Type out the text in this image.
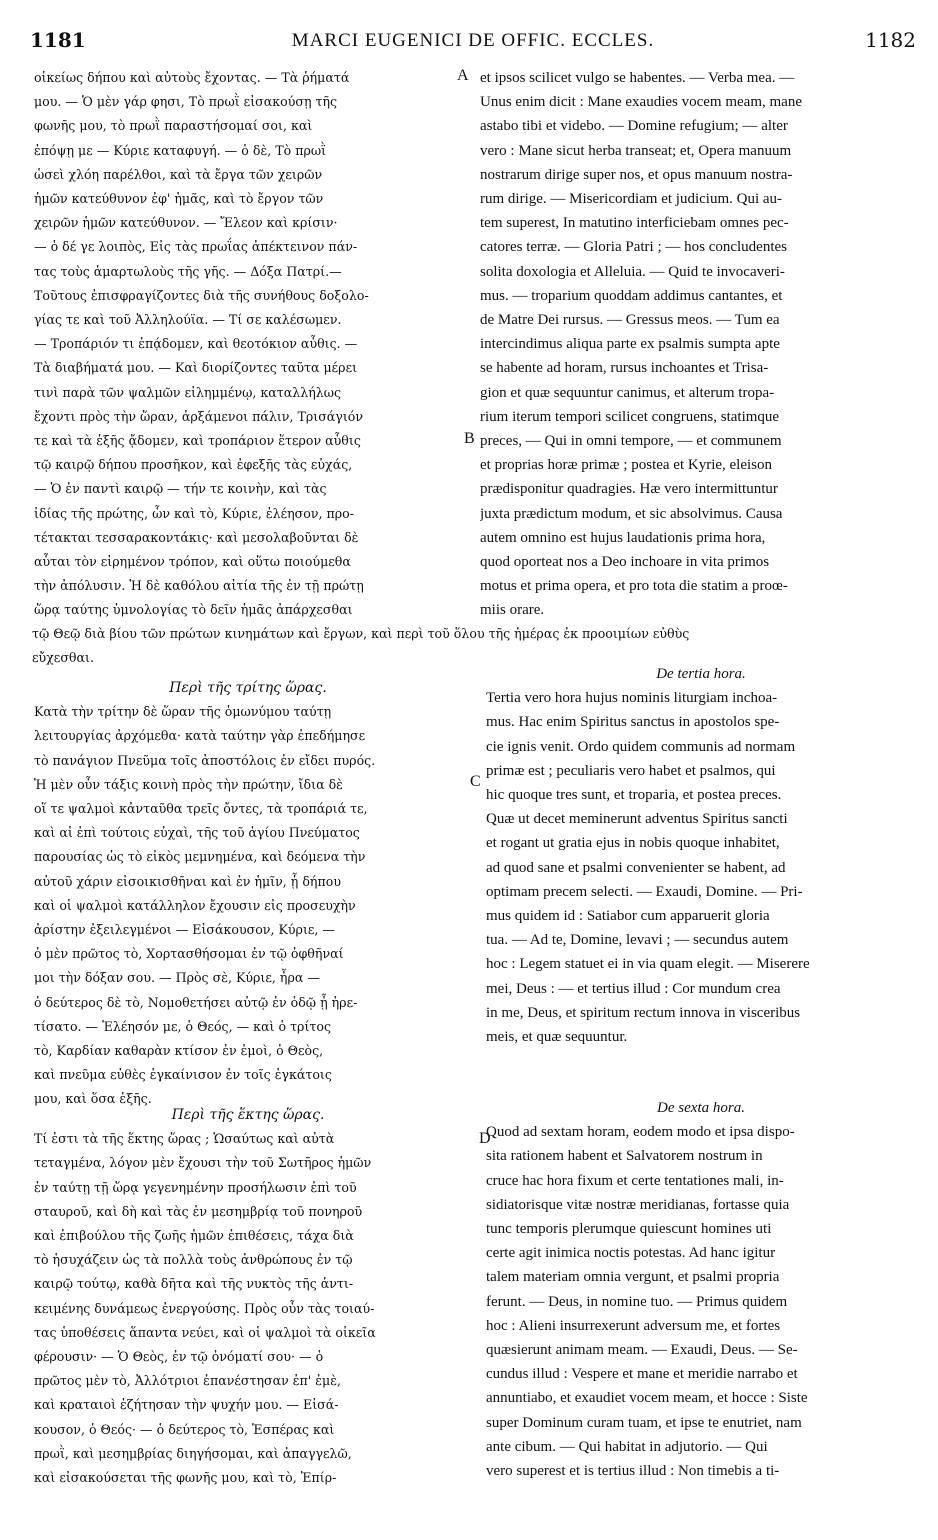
1181	MARCI EUGENICI DE OFFIC. ECCLES.	1182
A
B
C
D
οἰκείως δήπου καὶ αὐτοὺς ἔχοντας. — Τὰ ῥήματά
μου. — Ὁ μὲν γάρ φησι, Τὸ πρωῒ εἰσακούσῃ τῆς
φωνῆς μου, τὸ πρωῒ παραστήσομαί σοι, καὶ
ἐπόψῃ με — Κύριε καταφυγή. — ὁ δὲ, Τὸ πρωῒ
ὡσεὶ χλόη παρέλθοι, καὶ τὰ ἔργα τῶν χειρῶν
ἡμῶν κατεύθυνον ἐφ' ἡμᾶς, καὶ τὸ ἔργον τῶν
χειρῶν ἡμῶν κατεύθυνον. — Ἔλεον καὶ κρίσιν·
— ὁ δέ γε λοιπὸς, Εἰς τὰς πρωΐας ἀπέκτεινον πάν-
τας τοὺς ἁμαρτωλοὺς τῆς γῆς. — Δόξα Πατρί.—
Τοῦτους ἐπισφραγίζοντες διὰ τῆς συνήθους δοξολο-
γίας τε καὶ τοῦ Ἀλληλούϊα. — Τί σε καλέσωμεν.
— Τροπάριόν τι ἐπᾴδομεν, καὶ θεοτόκιον αὖθις. —
Τὰ διαβήματά μου. — Καὶ διορίζοντες ταῦτα μέρει
τινὶ παρὰ τῶν ψαλμῶν εἰλημμένῳ, καταλλήλως
ἔχοντι πρὸς τὴν ὥραν, ἀρξάμενοι πάλιν, Τρισάγιόν
τε καὶ τὰ ἑξῆς ᾄδομεν, καὶ τροπάριον ἕτερον αὖθις
τῷ καιρῷ δήπου προσῆκον, καὶ ἐφεξῆς τὰς εὐχάς,
— Ὁ ἐν παντὶ καιρῷ — τήν τε κοινὴν, καὶ τὰς
ἰδίας τῆς πρώτης, ὧν καὶ τὸ, Κύριε, ἐλέησον, προ-
τέτακται τεσσαρακοντάκις· καὶ μεσολαβοῦνται δὲ
αὗται τὸν εἰρημένον τρόπον, καὶ οὕτω ποιούμεθα
τὴν ἀπόλυσιν. Ἡ δὲ καθόλου αἰτία τῆς ἐν τῇ πρώτῃ
ὥρᾳ ταύτης ὑμνολογίας τὸ δεῖν ἡμᾶς ἀπάρχεσθαι
et ipsos scilicet vulgo se habentes. — Verba mea. —
Unus enim dicit : Mane exaudies vocem meam, mane
astabo tibi et videbo. — Domine refugium; — alter
vero : Mane sicut herba transeat; et, Opera manuum
nostrarum dirige super nos, et opus manuum nostra-
rum dirige. — Misericordiam et judicium. Qui au-
tem superest, In matutino interficiebam omnes pec-
catores terræ. — Gloria Patri ; — hos concludentes
solita doxologia et Alleluia. — Quid te invocaveri-
mus. — troparium quoddam addimus cantantes, et
de Matre Dei rursus. — Gressus meos. — Tum ea
intercindimus aliqua parte ex psalmis sumpta apte
se habente ad horam, rursus inchoantes et Trisa-
gion et quæ sequuntur canimus, et alterum tropa-
rium iterum tempori scilicet congruens, statimque
preces, — Qui in omni tempore, — et communem
et proprias horæ primæ ; postea et Kyrie, eleison
prædisponitur quadragies. Hæ vero intermittuntur
juxta prædictum modum, et sic absolvimus. Causa
autem omnino est hujus laudationis prima hora,
quod oporteat nos a Deo inchoare in vita primos
motus et prima opera, et pro tota die statim a proœ-
miis orare.
τῷ Θεῷ διὰ βίου τῶν πρώτων κινημάτων καὶ ἔργων, καὶ περὶ τοῦ ὅλου τῆς ἡμέρας ἐκ προοιμίων εὐθὺς
εὔχεσθαι.
Περὶ τῆς τρίτης ὥρας.
Κατὰ τὴν τρίτην δὲ ὥραν τῆς ὁμωνύμου ταύτῃ
λειτουργίας ἀρχόμεθα· κατὰ ταύτην γὰρ ἐπεδήμησε
τὸ πανάγιον Πνεῦμα τοῖς ἀποστόλοις ἐν εἴδει πυρός.
Ἡ μὲν οὖν τάξις κοινὴ πρὸς τὴν πρώτην, ἴδια δὲ
οἵ τε ψαλμοὶ κἀνταῦθα τρεῖς ὄντες, τὰ τροπάριά τε,
καὶ αἱ ἐπὶ τούτοις εὐχαὶ, τῆς τοῦ ἁγίου Πνεύματος
παρουσίας ὡς τὸ εἰκὸς μεμνημένα, καὶ δεόμενα τὴν
αὐτοῦ χάριν εἰσοικισθῆναι καὶ ἐν ἡμῖν, ᾗ δήπου
καὶ οἱ ψαλμοὶ κατάλληλον ἔχουσιν εἰς προσευχὴν
ἀρίστην ἐξειλεγμένοι — Εἰσάκουσον, Κύριε, —
ὁ μὲν πρῶτος τὸ, Χορτασθήσομαι ἐν τῷ ὀφθῆναί
μοι τὴν δόξαν σου. — Πρὸς σὲ, Κύριε, ἦρα —
ὁ δεύτερος δὲ τὸ, Νομοθετήσει αὐτῷ ἐν ὁδῷ ᾗ ἡρε-
τίσατο. — Ἐλέησόν με, ὁ Θεός, — καὶ ὁ τρίτος
τὸ, Καρδίαν καθαρὰν κτίσον ἐν ἐμοὶ, ὁ Θεὸς,
καὶ πνεῦμα εὐθὲς ἐγκαίνισον ἐν τοῖς ἐγκάτοις
μου, καὶ ὅσα ἑξῆς.
De tertia hora.
Tertia vero hora hujus nominis liturgiam inchoa-
mus. Hac enim Spiritus sanctus in apostolos spe-
cie ignis venit. Ordo quidem communis ad normam
primæ est ; peculiaris vero habet et psalmos, qui
hic quoque tres sunt, et troparia, et postea preces.
Quæ ut decet meminerunt adventus Spiritus sancti
et rogant ut gratia ejus in nobis quoque inhabitet,
ad quod sane et psalmi convenienter se habent, ad
optimam precem selecti. — Exaudi, Domine. — Pri-
mus quidem id : Satiabor cum apparuerit gloria
tua. — Ad te, Domine, levavi ; — secundus autem
hoc : Legem statuet ei in via quam elegit. — Miserere
mei, Deus : — et tertius illud : Cor mundum crea
in me, Deus, et spiritum rectum innova in visceribus
meis, et quæ sequuntur.
Περὶ τῆς ἕκτης ὥρας.
Τί ἐστι τὰ τῆς ἕκτης ὥρας ; Ὡσαύτως καὶ αὐτὰ
τεταγμένα, λόγον μὲν ἔχουσι τὴν τοῦ Σωτῆρος ἡμῶν
ἐν ταύτῃ τῇ ὥρᾳ γεγενημένην προσήλωσιν ἐπὶ τοῦ
σταυροῦ, καὶ δὴ καὶ τὰς ἐν μεσημβρίᾳ τοῦ πονηροῦ
καὶ ἐπιβούλου τῆς ζωῆς ἡμῶν ἐπιθέσεις, τάχα διὰ
τὸ ἡσυχάζειν ὡς τὰ πολλὰ τοὺς ἀνθρώπους ἐν τῷ
καιρῷ τούτῳ, καθὰ δῆτα καὶ τῆς νυκτὸς τῆς ἀντι-
κειμένης δυνάμεως ἐνεργούσης. Πρὸς οὖν τὰς τοιαύ-
τας ὑποθέσεις ἅπαντα νεύει, καὶ οἱ ψαλμοὶ τὰ οἰκεῖα
φέρουσιν· — Ὁ Θεὸς, ἐν τῷ ὀνόματί σου· — ὁ
πρῶτος μὲν τὸ, Ἀλλότριοι ἐπανέστησαν ἐπ' ἐμὲ,
καὶ κραταιοὶ ἐζήτησαν τὴν ψυχήν μου. — Εἰσά-
κουσον, ὁ Θεός· — ὁ δεύτερος τὸ, Ἑσπέρας καὶ
πρωῒ, καὶ μεσημβρίας διηγήσομαι, καὶ ἀπαγγελῶ,
καὶ εἰσακούσεται τῆς φωνῆς μου, καὶ τὸ, Ἐπίρ-
De sexta hora.
Quod ad sextam horam, eodem modo et ipsa dispo-
sita rationem habent et Salvatorem nostrum in
cruce hac hora fixum et certe tentationes mali, in-
sidiatorisque vitæ nostræ meridianas, fortasse quia
tunc temporis plerumque quiescunt homines uti
certe agit inimica noctis potestas. Ad hanc igitur
talem materiam omnia vergunt, et psalmi propria
ferunt. — Deus, in nomine tuo. — Primus quidem
hoc : Alieni insurrexerunt adversum me, et fortes
quæsierunt animam meam. — Exaudi, Deus. — Se-
cundus illud : Vespere et mane et meridie narrabo et
annuntiabo, et exaudiet vocem meam, et hocce : Siste
super Dominum curam tuam, et ipse te enutriet, nam
ante cibum. — Qui habitat in adjutorio. — Qui
vero superest et is tertius illud : Non timebis a ti-
